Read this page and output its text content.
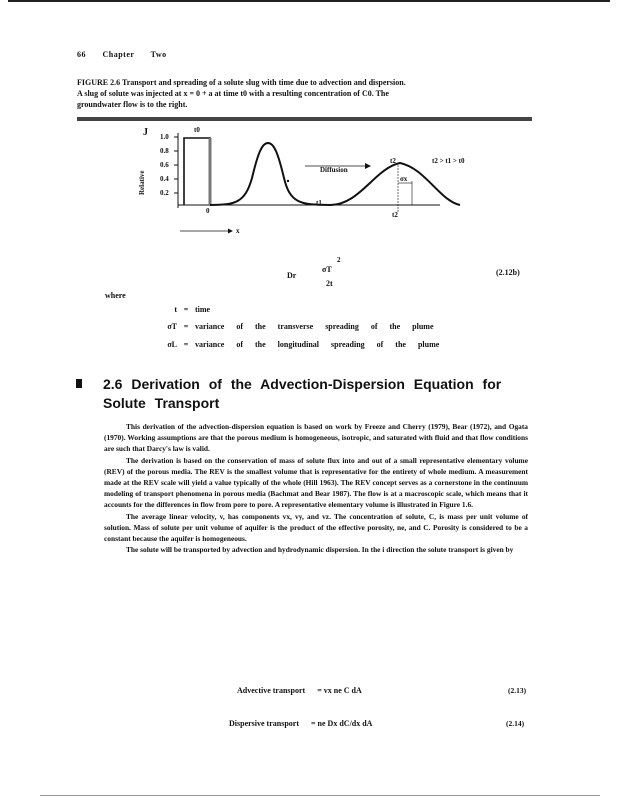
66 Chapter Two
FIGURE 2.6 Transport and spreading of a solute slug with time due to advection and dispersion.
A slug of solute was injected at x = 0 + a at time t0 with a resulting concentration of C0. The
groundwater flow is to the right.
J 1.0
0.8
0.6
0.4
0.2
Relative
t0
t2
t2
t2 > t1 > t0
Diffusion
σx
0
t1
x
Dr
σT
2
2t
(2.12b)
where
t = time
σT = variance of the transverse spreading of the plume
σL = variance of the longitudinal spreading of the plume
2.6 Derivation of the Advection-Dispersion Equation for Solute Transport

This derivation of the advection-dispersion equation is based on work by Freeze and Cherry (1979), Bear (1972), and Ogata (1970). Working assumptions are that the porous medium is homogeneous, isotropic, and saturated with fluid and that flow conditions are such that Darcy's law is valid.

The derivation is based on the conservation of mass of solute flux into and out of a small representative elementary volume (REV) of the porous media. The REV is the smallest volume that is representative for the entirety of whole medium. A measurement made at the REV scale will yield a value typically of the whole (Hill 1963). The REV concept serves as a cornerstone in the continuum modeling of transport phenomena in porous media (Bachmat and Bear 1987). The flow is at a macroscopic scale, which means that it accounts for the differences in flow from pore to pore. A representative elementary volume is illustrated in Figure 1.6.

The average linear velocity, v, has components vx, vy, and vz. The concentration of solute, C, is mass per unit volume of solution. Mass of solute per unit volume of aquifer is the product of the effective porosity, ne, and C. Porosity is considered to be a constant because the aquifer is homogeneous.

The solute will be transported by advection and hydrodynamic dispersion. In the i direction the solute transport is given by

Advective transport = vx ne C dA	(2.13)
Dispersive transport = ne Dx dC/dx dA	(2.14)
